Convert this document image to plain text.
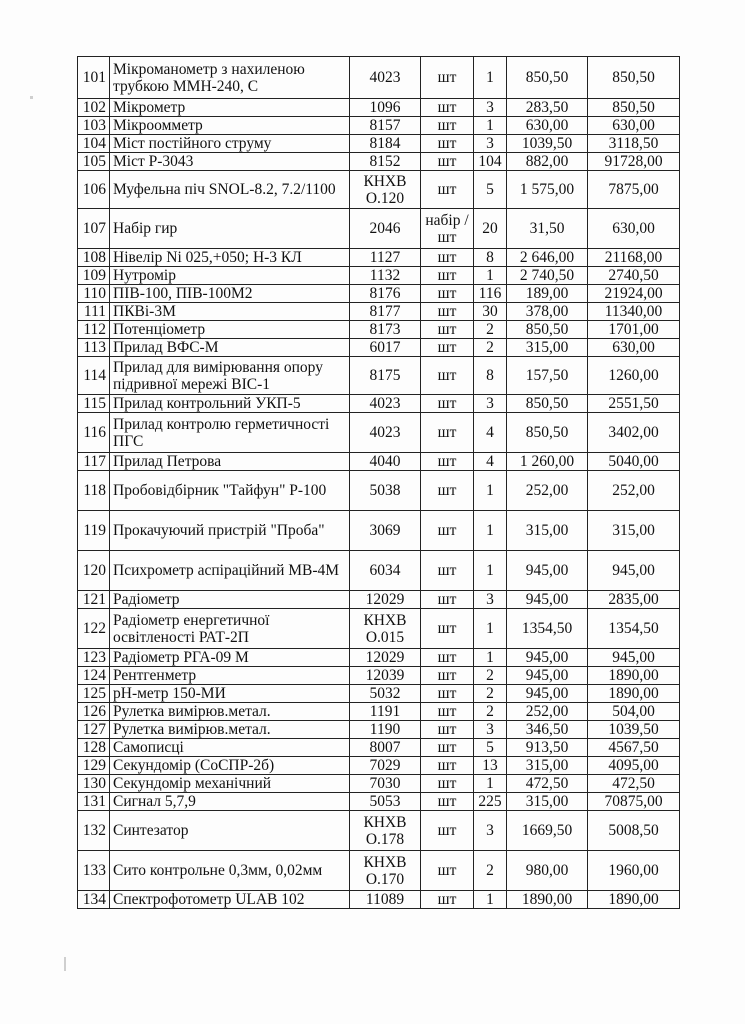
101	Мікроманометр з нахиленою трубкою ММН-240, С	4023	шт	1	850,50	850,50
102	Мікрометр	1096	шт	3	283,50	850,50
103	Мікроомметр	8157	шт	1	630,00	630,00
104	Міст постійного струму	8184	шт	3	1039,50	3118,50
105	Міст Р-3043	8152	шт	104	882,00	91728,00
106	Муфельна піч SNOL-8.2, 7.2/1100	КНХВ О.120	шт	5	1 575,00	7875,00
107	Набір гир	2046	набір /шт	20	31,50	630,00
108	Нівелір Ni 025,+050; Н-3 КЛ	1127	шт	8	2 646,00	21168,00
109	Нутромір	1132	шт	1	2 740,50	2740,50
110	ПІВ-100, ПІВ-100М2	8176	шт	116	189,00	21924,00
111	ПКВі-3М	8177	шт	30	378,00	11340,00
112	Потенціометр	8173	шт	2	850,50	1701,00
113	Прилад ВФС-М	6017	шт	2	315,00	630,00
114	Прилад для вимірювання опору підривної мережі ВІС-1	8175	шт	8	157,50	1260,00
115	Прилад контрольний УКП-5	4023	шт	3	850,50	2551,50
116	Прилад контролю герметичності ПГС	4023	шт	4	850,50	3402,00
117	Прилад Петрова	4040	шт	4	1 260,00	5040,00
118	Пробовідбірник "Тайфун" Р-100	5038	шт	1	252,00	252,00
119	Прокачуючий пристрій "Проба"	3069	шт	1	315,00	315,00
120	Психрометр аспіраційний МВ-4М	6034	шт	1	945,00	945,00
121	Радіометр	12029	шт	3	945,00	2835,00
122	Радіометр енергетичної освітленості РАТ-2П	КНХВ О.015	шт	1	1354,50	1354,50
123	Радіометр РГА-09 М	12029	шт	1	945,00	945,00
124	Рентгенметр	12039	шт	2	945,00	1890,00
125	pH-метр 150-МИ	5032	шт	2	945,00	1890,00
126	Рулетка вимірюв.метал.	1191	шт	2	252,00	504,00
127	Рулетка вимірюв.метал.	1190	шт	3	346,50	1039,50
128	Самописці	8007	шт	5	913,50	4567,50
129	Секундомір (СоСПР-2б)	7029	шт	13	315,00	4095,00
130	Секундомір механічний	7030	шт	1	472,50	472,50
131	Сигнал 5,7,9	5053	шт	225	315,00	70875,00
132	Синтезатор	КНХВ О.178	шт	3	1669,50	5008,50
133	Сито контрольне 0,3мм, 0,02мм	КНХВ О.170	шт	2	980,00	1960,00
134	Спектрофотометр ULAB 102	11089	шт	1	1890,00	1890,00
